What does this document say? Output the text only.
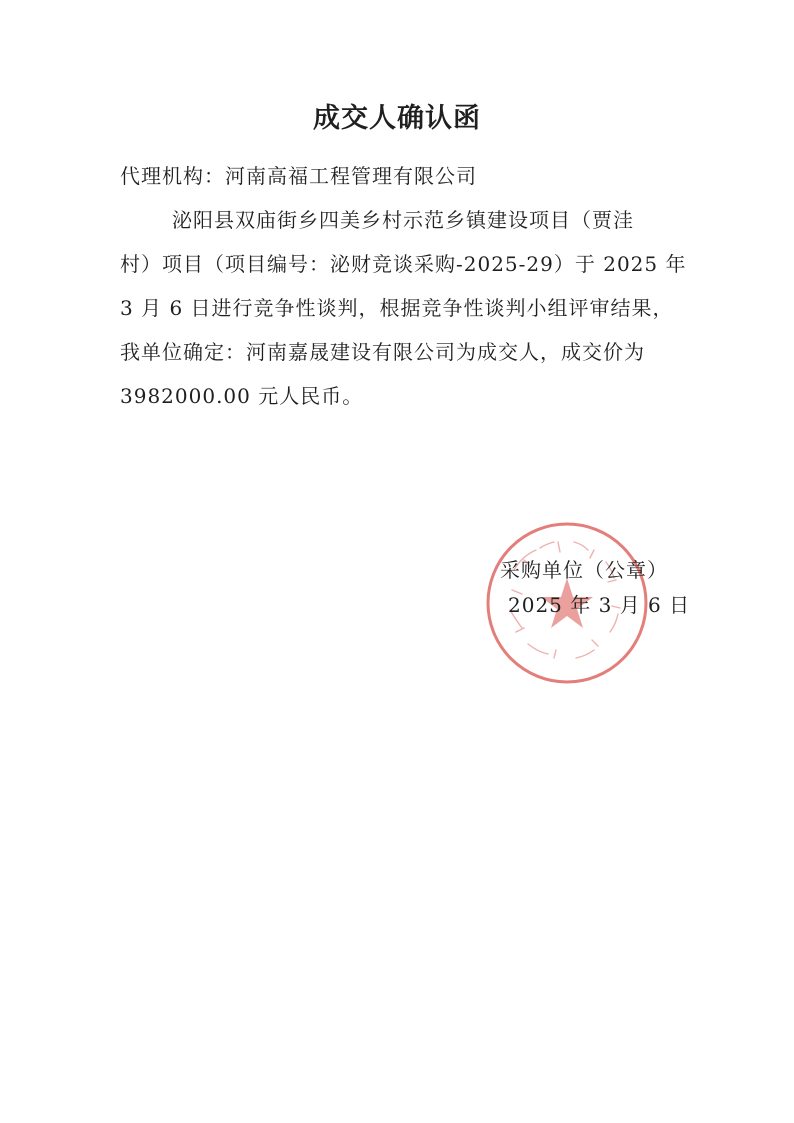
成交人确认函
代理机构：河南高福工程管理有限公司
泌阳县双庙街乡四美乡村示范乡镇建设项目（贾洼
村）项目（项目编号：泌财竞谈采购-2025-29）于 2025 年
3 月 6 日进行竞争性谈判，根据竞争性谈判小组评审结果，
我单位确定：河南嘉晟建设有限公司为成交人，成交价为
3982000.00 元人民币。
采购单位（公章）
2025 年 3 月 6 日
